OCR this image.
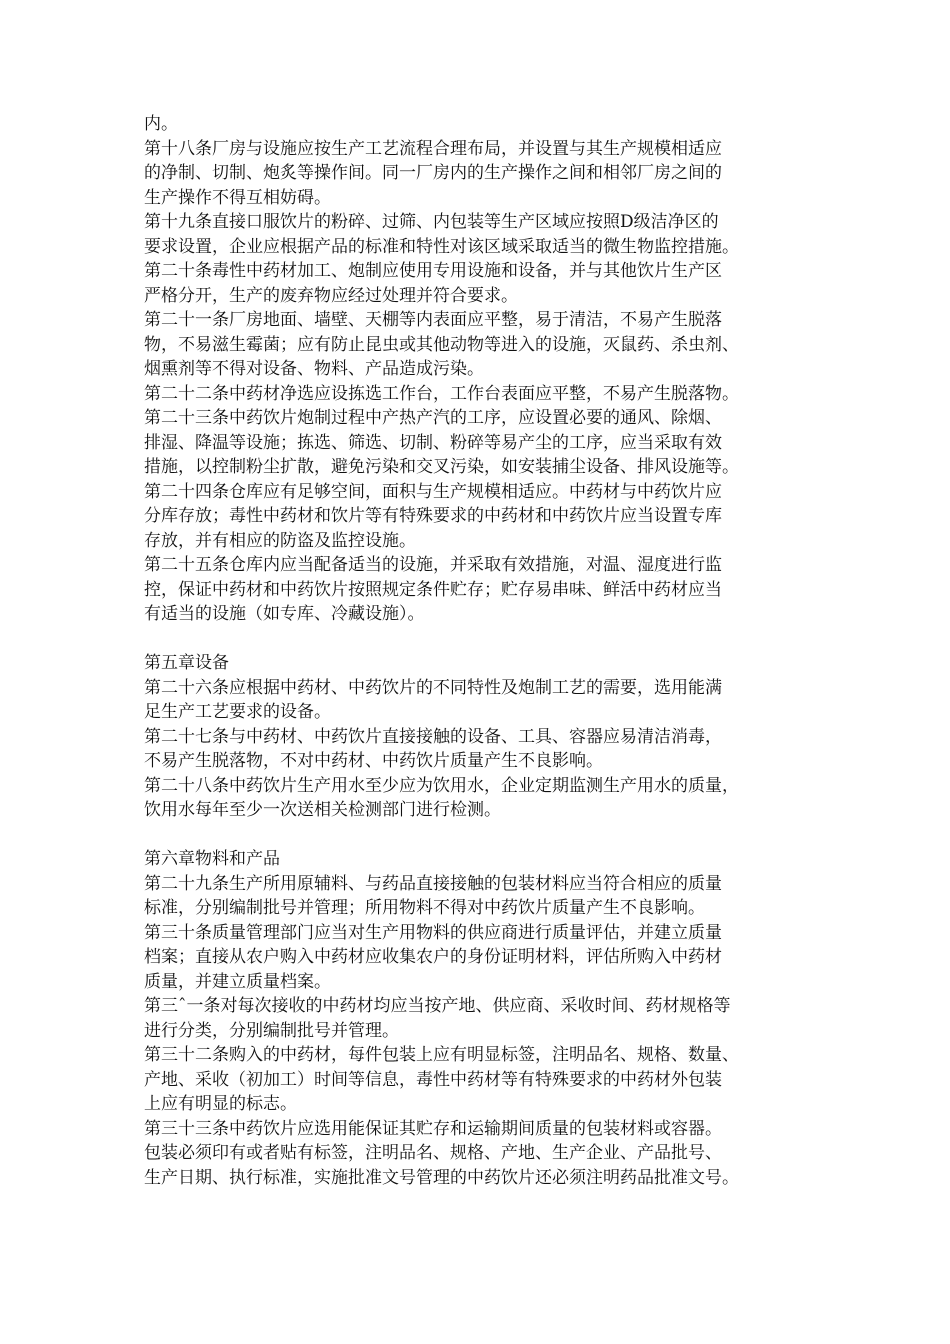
内。
第十八条厂房与设施应按生产工艺流程合理布局，并设置与其生产规模相适应
的净制、切制、炮炙等操作间。同一厂房内的生产操作之间和相邻厂房之间的
生产操作不得互相妨碍。
第十九条直接口服饮片的粉碎、过筛、内包装等生产区域应按照D级洁净区的
要求设置，企业应根据产品的标准和特性对该区域采取适当的微生物监控措施。
第二十条毒性中药材加工、炮制应使用专用设施和设备，并与其他饮片生产区
严格分开，生产的废弃物应经过处理并符合要求。
第二十一条厂房地面、墙壁、天棚等内表面应平整，易于清洁，不易产生脱落
物，不易滋生霉菌；应有防止昆虫或其他动物等进入的设施，灭鼠药、杀虫剂、
烟熏剂等不得对设备、物料、产品造成污染。
第二十二条中药材净选应设拣选工作台，工作台表面应平整，不易产生脱落物。
第二十三条中药饮片炮制过程中产热产汽的工序，应设置必要的通风、除烟、
排湿、降温等设施；拣选、筛选、切制、粉碎等易产尘的工序，应当采取有效
措施，以控制粉尘扩散，避免污染和交叉污染，如安装捕尘设备、排风设施等。
第二十四条仓库应有足够空间，面积与生产规模相适应。中药材与中药饮片应
分库存放；毒性中药材和饮片等有特殊要求的中药材和中药饮片应当设置专库
存放，并有相应的防盗及监控设施。
第二十五条仓库内应当配备适当的设施，并采取有效措施，对温、湿度进行监
控，保证中药材和中药饮片按照规定条件贮存；贮存易串味、鲜活中药材应当
有适当的设施（如专库、冷藏设施）。
第五章设备
第二十六条应根据中药材、中药饮片的不同特性及炮制工艺的需要，选用能满
足生产工艺要求的设备。
第二十七条与中药材、中药饮片直接接触的设备、工具、容器应易清洁消毒，
不易产生脱落物，不对中药材、中药饮片质量产生不良影响。
第二十八条中药饮片生产用水至少应为饮用水，企业定期监测生产用水的质量，
饮用水每年至少一次送相关检测部门进行检测。
第六章物料和产品
第二十九条生产所用原辅料、与药品直接接触的包装材料应当符合相应的质量
标准，分别编制批号并管理；所用物料不得对中药饮片质量产生不良影响。
第三十条质量管理部门应当对生产用物料的供应商进行质量评估，并建立质量
档案；直接从农户购入中药材应收集农户的身份证明材料，评估所购入中药材
质量，并建立质量档案。
第三ˆ一条对每次接收的中药材均应当按产地、供应商、采收时间、药材规格等
进行分类，分别编制批号并管理。
第三十二条购入的中药材，每件包装上应有明显标签，注明品名、规格、数量、
产地、采收（初加工）时间等信息，毒性中药材等有特殊要求的中药材外包装
上应有明显的标志。
第三十三条中药饮片应选用能保证其贮存和运输期间质量的包装材料或容器。
包装必须印有或者贴有标签，注明品名、规格、产地、生产企业、产品批号、
生产日期、执行标准，实施批准文号管理的中药饮片还必须注明药品批准文号。
